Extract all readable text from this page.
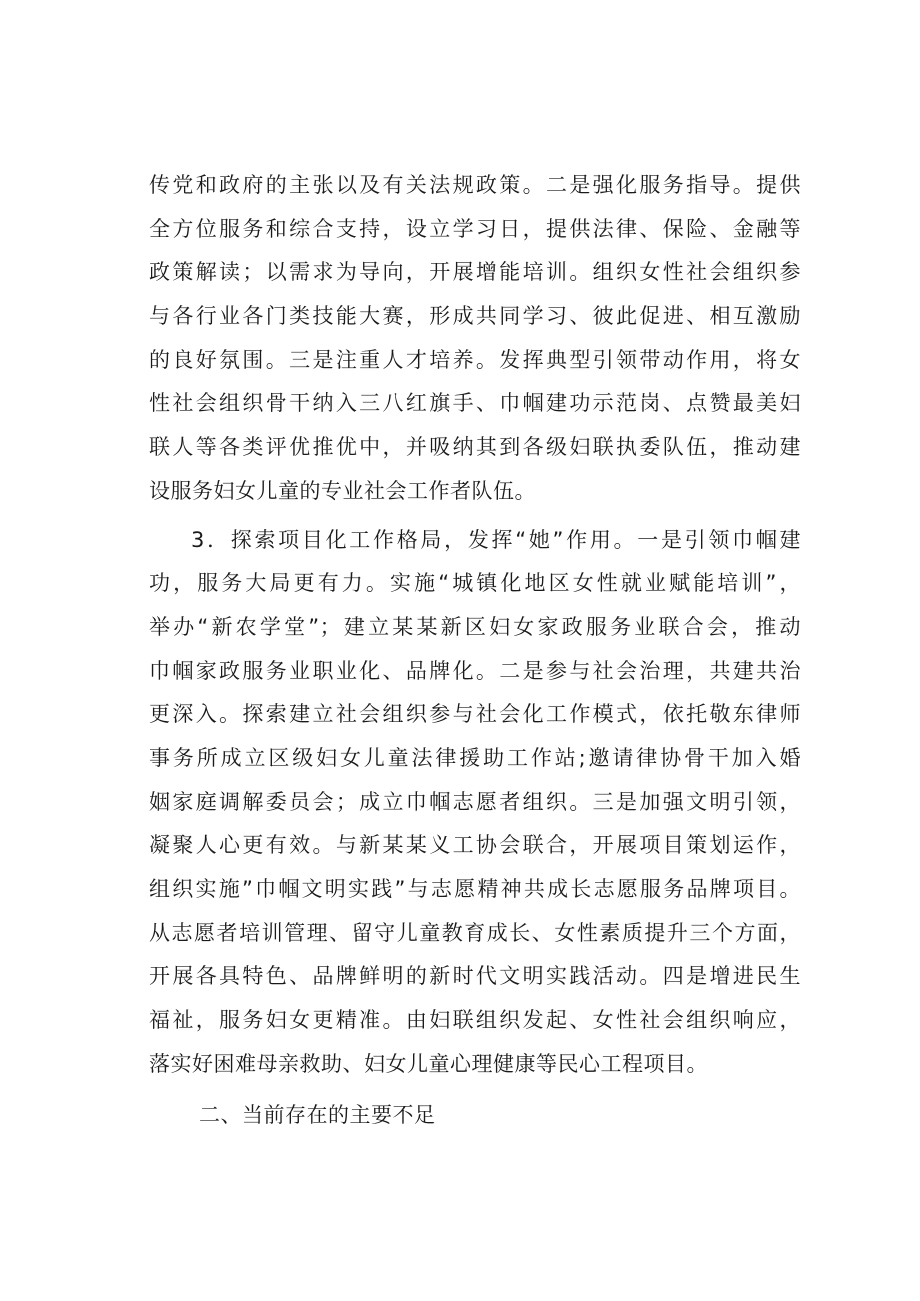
传党和政府的主张以及有关法规政策。二是强化服务指导。提供
全方位服务和综合支持，设立学习日，提供法律、保险、金融等
政策解读；以需求为导向，开展增能培训。组织女性社会组织参
与各行业各门类技能大赛，形成共同学习、彼此促进、相互激励
的良好氛围。三是注重人才培养。发挥典型引领带动作用，将女
性社会组织骨干纳入三八红旗手、巾帼建功示范岗、点赞最美妇
联人等各类评优推优中，并吸纳其到各级妇联执委队伍，推动建
设服务妇女儿童的专业社会工作者队伍。
3．探索项目化工作格局，发挥“她”作用。一是引领巾帼建
功，服务大局更有力。实施“城镇化地区女性就业赋能培训”，
举办“新农学堂”；建立某某新区妇女家政服务业联合会，推动
巾帼家政服务业职业化、品牌化。二是参与社会治理，共建共治
更深入。探索建立社会组织参与社会化工作模式，依托敬东律师
事务所成立区级妇女儿童法律援助工作站;邀请律协骨干加入婚
姻家庭调解委员会；成立巾帼志愿者组织。三是加强文明引领，
凝聚人心更有效。与新某某义工协会联合，开展项目策划运作，
组织实施”巾帼文明实践”与志愿精神共成长志愿服务品牌项目。
从志愿者培训管理、留守儿童教育成长、女性素质提升三个方面，
开展各具特色、品牌鲜明的新时代文明实践活动。四是增进民生
福祉，服务妇女更精准。由妇联组织发起、女性社会组织响应，
落实好困难母亲救助、妇女儿童心理健康等民心工程项目。
二、当前存在的主要不足
